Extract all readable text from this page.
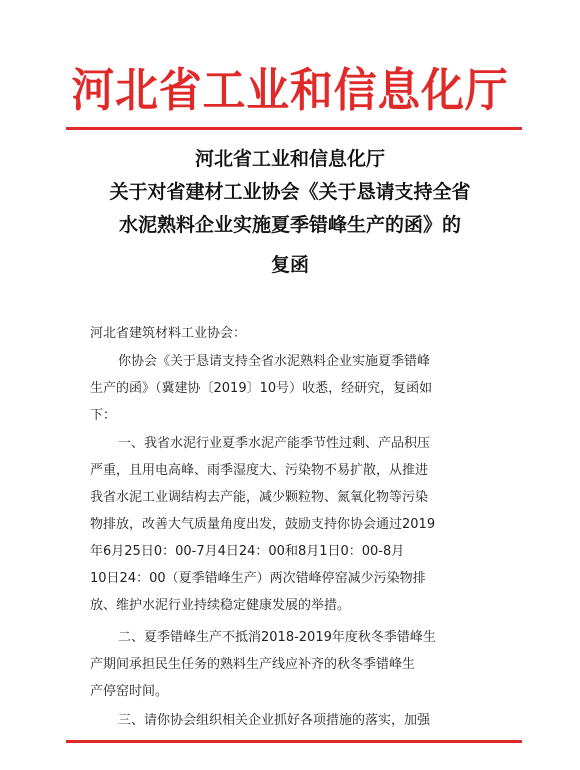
河北省工业和信息化厅
河北省工业和信息化厅
关于对省建材工业协会《关于恳请支持全省
水泥熟料企业实施夏季错峰生产的函》的
复函
河北省建筑材料工业协会：
你协会《关于恳请支持全省水泥熟料企业实施夏季错峰
生产的函》（冀建协〔2019〕10号）收悉，经研究，复函如
下：
一、我省水泥行业夏季水泥产能季节性过剩、产品积压
严重，且用电高峰、雨季湿度大、污染物不易扩散，从推进
我省水泥工业调结构去产能，减少颗粒物、氮氧化物等污染
物排放，改善大气质量角度出发，鼓励支持你协会通过2019
年6月25日0：00-7月4日24：00和8月1日0：00-8月
10日24：00（夏季错峰生产）两次错峰停窑减少污染物排
放、维护水泥行业持续稳定健康发展的举措。
二、夏季错峰生产不抵消2018-2019年度秋冬季错峰生
产期间承担民生任务的熟料生产线应补齐的秋冬季错峰生
产停窑时间。
三、请你协会组织相关企业抓好各项措施的落实，加强
